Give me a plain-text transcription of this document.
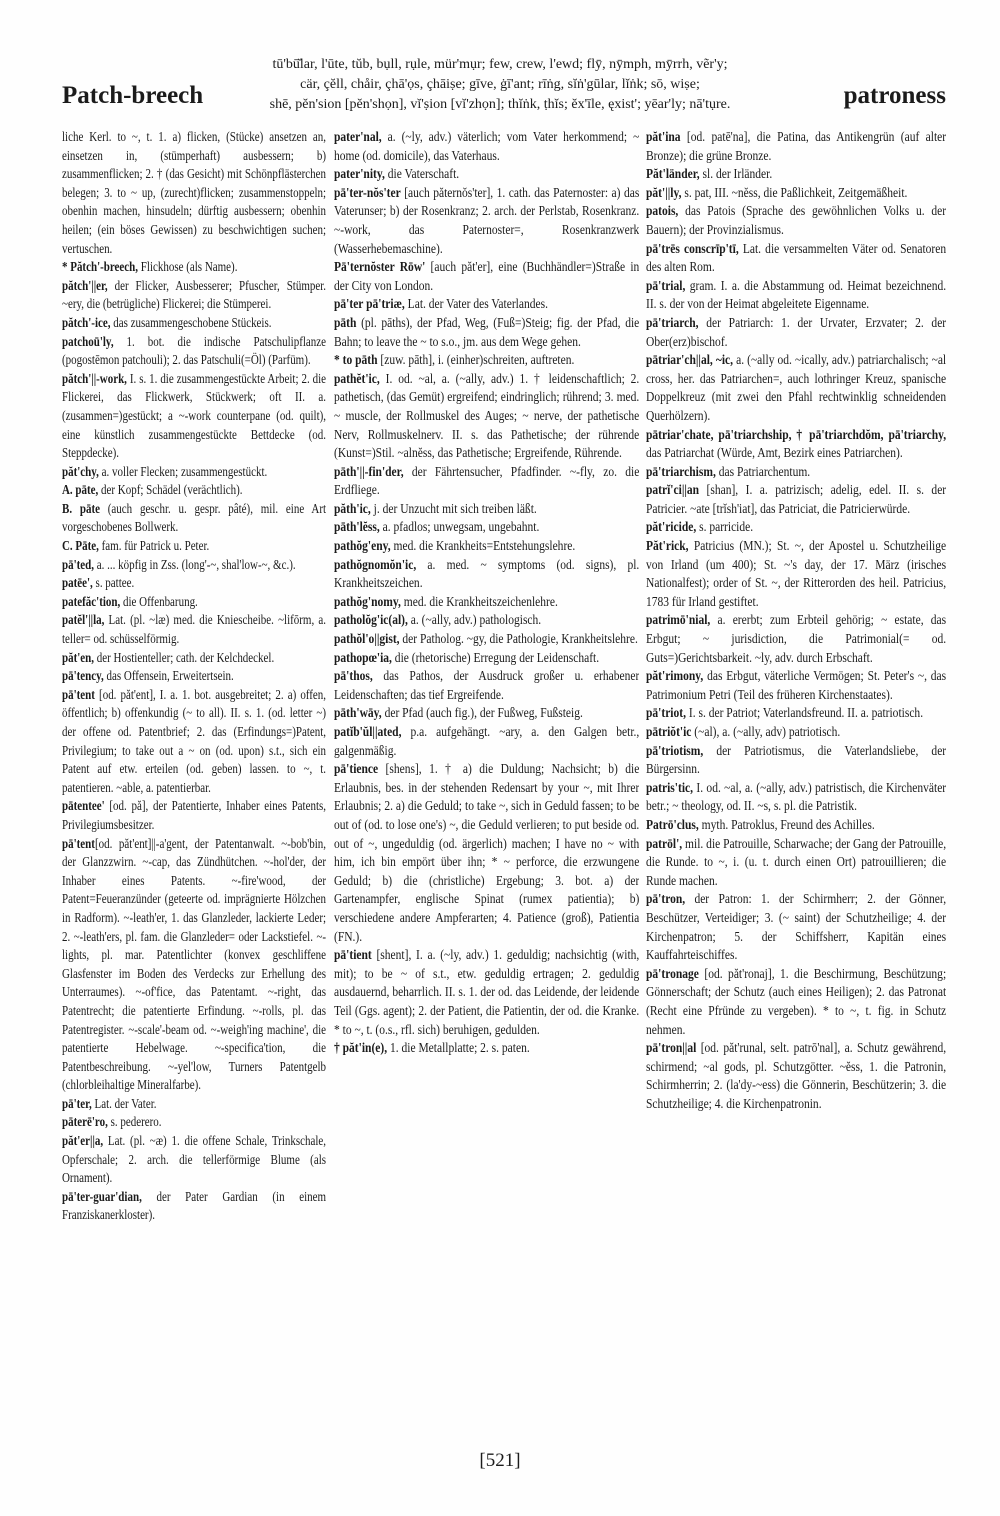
Patch-breech
tū'bū̆lar, l'ūte, tŭb, bụll, rụle, mür'mụr; few, crew, l'ewd; flȳ, nȳmph, mȳrrh, vẽr'y;
cär, çĕll, chåir, çhā'ọs, çhāiṣe; gīve, ġī'ant; rīṅg, sĭṅ'gūlar, lĭṅk; sō, wiṣe;
shē, pĕn'sion [pĕn'shọn], vĭ'ṣion [vĭ'zhọn]; thĭṅk, ṭhĭs; ĕx'īle, ęxist'; yēar'ly; nā'tụre.	patroness

liche Kerl. to ~, t. 1. a) flicken, (Stücke) ansetzen an, einsetzen in, (stümperhaft) ausbessern; b) zusammenflicken; 2. † (das Gesicht) mit Schönpflästerchen belegen; 3. to ~ up, (zurecht)flicken; zusammenstoppeln; obenhin machen, hinsudeln; dürftig ausbessern; obenhin heilen; (ein böses Gewissen) zu beschwichtigen suchen; vertuschen.

* Pătch'-breech, Flickhose (als Name).

pătch'||er, der Flicker, Ausbesserer; Pfuscher, Stümper. ~ery, die (betrügliche) Flickerei; die Stümperei.

pătch'-ice, das zusammengeschobene Stückeis.

patchoū'ly, 1. bot. die indische Patschulipflanze (pogostēmon patchouli); 2. das Patschuli(=Öl) (Parfüm).

pătch'||-work, I. s. 1. die zusammengestückte Arbeit; 2. die Flickerei, das Flickwerk, Stückwerk; oft II. a. (zusammen=)gestückt; a ~-work counterpane (od. quilt), eine künstlich zusammengestückte Bettdecke (od. Steppdecke).

păt'chy, a. voller Flecken; zusammengestückt.

A. pāte, der Kopf; Schädel (verächtlich).

B. pāte (auch geschr. u. gespr. pâté), mil. eine Art vorgeschobenes Bollwerk.

C. Pāte, fam. für Patrick u. Peter.

pā'ted, a. ... köpfig in Zss. (long'-~, shal'low-~, &c.).

patēe', s. pattee.

patefăc'tion, die Offenbarung.

patĕl'||la, Lat. (pl. ~læ) med. die Kniescheibe. ~lifōrm, a. teller= od. schüsselförmig.

păt'en, der Hostienteller; cath. der Kelchdeckel.

pā'tency, das Offensein, Erweitertsein.

pā'tent [od. păt'ent], I. a. 1. bot. ausgebreitet; 2. a) offen, öffentlich; b) offenkundig (~ to all). II. s. 1. (od. letter ~) der offene od. Patentbrief; 2. das (Erfindungs=)Patent, Privilegium; to take out a ~ on (od. upon) s.t., sich ein Patent auf etw. erteilen (od. geben) lassen. to ~, t. patentieren. ~able, a. patentierbar.

pātentee' [od. pă], der Patentierte, Inhaber eines Patents, Privilegiumsbesitzer.

pā'tent[od. păt'ent]||-a'gent, der Patentanwalt. ~-bob'bin, der Glanzzwirn. ~-cap, das Zündhütchen. ~-hol'der, der Inhaber eines Patents. ~-fire'wood, der Patent=Feueranzünder (geteerte od. imprägnierte Hölzchen in Radform). ~-leath'er, 1. das Glanzleder, lackierte Leder; 2. ~-leath'ers, pl. fam. die Glanzleder= oder Lackstiefel. ~-lights, pl. mar. Patentlichter (konvex geschliffene Glasfenster im Boden des Verdecks zur Erhellung des Unterraumes). ~-of'fice, das Patentamt. ~-right, das Patentrecht; die patentierte Erfindung. ~-rolls, pl. das Patentregister. ~-scale'-beam od. ~-weigh'ing machine', die patentierte Hebelwage. ~-specifica'tion, die Patentbeschreibung. ~-yel'low, Turners Patentgelb (chlorbleihaltige Mineralfarbe).

pā'ter, Lat. der Vater.

pāterē'ro, s. pederero.

păt'er||a, Lat. (pl. ~æ) 1. die offene Schale, Trinkschale, Opferschale; 2. arch. die tellerförmige Blume (als Ornament).

pā'ter-guar'dian, der Pater Gardian (in einem Franziskanerkloster).

pater'nal, a. (~ly, adv.) väterlich; vom Vater herkommend; ~ home (od. domicile), das Vaterhaus.

pater'nity, die Vaterschaft.

pā'ter-nŏs'ter [auch păternŏs'ter], 1. cath. das Paternoster: a) das Vaterunser; b) der Rosenkranz; 2. arch. der Perlstab, Rosenkranz. ~-work, das Paternoster=, Rosenkranzwerk (Wasserhebemaschine).

Pā'ternŏster Rōw' [auch păt'er], eine (Buchhändler=)Straße in der City von London.

pā'ter pā'triæ, Lat. der Vater des Vaterlandes.

pāth (pl. pāths), der Pfad, Weg, (Fuß=)Steig; fig. der Pfad, die Bahn; to leave the ~ to s.o., jm. aus dem Wege gehen.

* to pāth [zuw. pāth], i. (einher)schreiten, auftreten.

pathĕt'ic, I. od. ~al, a. (~ally, adv.) 1. † leidenschaftlich; 2. pathetisch, (das Gemüt) ergreifend; eindringlich; rührend; 3. med. ~ muscle, der Rollmuskel des Auges; ~ nerve, der pathetische Nerv, Rollmuskelnerv. II. s. das Pathetische; der rührende (Kunst=)Stil. ~alnĕss, das Pathetische; Ergreifende, Rührende.

pāth'||-fin'der, der Fährtensucher, Pfadfinder. ~-fly, zo. die Erdfliege.

păth'ic, j. der Unzucht mit sich treiben läßt.

pāth'lĕss, a. pfadlos; unwegsam, ungebahnt.

pathŏg'eny, med. die Krankheits=Entstehungslehre.

pathŏgnomŏn'ic, a. med. ~ symptoms (od. signs), pl. Krankheitszeichen.

pathŏg'nomy, med. die Krankheitszeichenlehre.

patholŏg'ic(al), a. (~ally, adv.) pathologisch.

pathŏl'o||gist, der Patholog. ~gy, die Pathologie, Krankheitslehre.

pathopœ'ia, die (rhetorische) Erregung der Leidenschaft.

pā'thos, das Pathos, der Ausdruck großer u. erhabener Leidenschaften; das tief Ergreifende.

pāth'wāy, der Pfad (auch fig.), der Fußweg, Fußsteig.

patĭb'ŭl||ated, p.a. aufgehängt. ~ary, a. den Galgen betr., galgenmäßig.

pā'tience [shens], 1. † a) die Duldung; Nachsicht; b) die Erlaubnis, bes. in der stehenden Redensart by your ~, mit Ihrer Erlaubnis; 2. a) die Geduld; to take ~, sich in Geduld fassen; to be out of (od. to lose one's) ~, die Geduld verlieren; to put beside od. out of ~, ungeduldig (od. ärgerlich) machen; I have no ~ with him, ich bin empört über ihn; * ~ perforce, die erzwungene Geduld; b) die (christliche) Ergebung; 3. bot. a) der Gartenampfer, englische Spinat (rumex patientia); b) verschiedene andere Ampferarten; 4. Patience (groß), Patientia (FN.).

pā'tient [shent], I. a. (~ly, adv.) 1. geduldig; nachsichtig (with, mit); to be ~ of s.t., etw. geduldig ertragen; 2. geduldig ausdauernd, beharrlich. II. s. 1. der od. das Leidende, der leidende Teil (Ggs. agent); 2. der Patient, die Patientin, der od. die Kranke. * to ~, t. (o.s., rfl. sich) beruhigen, gedulden.

† păt'in(e), 1. die Metallplatte; 2. s. paten.

păt'ina [od. patē'na], die Patina, das Antikengrün (auf alter Bronze); die grüne Bronze.

Păt'länder, sl. der Irländer.

păt'||ly, s. pat, III. ~nĕss, die Paßlichkeit, Zeitgemäßheit.

patois, das Patois (Sprache des gewöhnlichen Volks u. der Bauern); der Provinzialismus.

pā'trēs conscrīp'tī, Lat. die versammelten Väter od. Senatoren des alten Rom.

pā'trial, gram. I. a. die Abstammung od. Heimat bezeichnend. II. s. der von der Heimat abgeleitete Eigenname.

pā'triarch, der Patriarch: 1. der Urvater, Erzvater; 2. der Ober(erz)bischof.

pātriar'ch||al, ~ic, a. (~ally od. ~ically, adv.) patriarchalisch; ~al cross, her. das Patriarchen=, auch lothringer Kreuz, spanische Doppelkreuz (mit zwei den Pfahl rechtwinklig schneidenden Querhölzern).

pātriar'chate, pā'triarchship, † pā'triarchdŏm, pā'triarchy, das Patriarchat (Würde, Amt, Bezirk eines Patriarchen).

pā'triarchism, das Patriarchentum.

patrĭ'ci||an [shan], I. a. patrizisch; adelig, edel. II. s. der Patricier. ~ate [trĭsh'iat], das Patriciat, die Patricierwürde.

păt'ricide, s. parricide.

Păt'rick, Patricius (MN.); St. ~, der Apostel u. Schutzheilige von Irland (um 400); St. ~'s day, der 17. März (irisches Nationalfest); order of St. ~, der Ritterorden des heil. Patricius, 1783 für Irland gestiftet.

patrimō'nial, a. ererbt; zum Erbteil gehörig; ~ estate, das Erbgut; ~ jurisdiction, die Patrimonial(= od. Guts=)Gerichtsbarkeit. ~ly, adv. durch Erbschaft.

păt'rimony, das Erbgut, väterliche Vermögen; St. Peter's ~, das Patrimonium Petri (Teil des früheren Kirchenstaates).

pā'triot, I. s. der Patriot; Vaterlandsfreund. II. a. patriotisch.

pātriŏt'ic (~al), a. (~ally, adv) patriotisch.

pā'triotism, der Patriotismus, die Vaterlandsliebe, der Bürgersinn.

patris'tic, I. od. ~al, a. (~ally, adv.) patristisch, die Kirchenväter betr.; ~ theology, od. II. ~s, s. pl. die Patristik.

Patrō'clus, myth. Patroklus, Freund des Achilles.

patrōl', mil. die Patrouille, Scharwache; der Gang der Patrouille, die Runde. to ~, i. (u. t. durch einen Ort) patrouillieren; die Runde machen.

pā'tron, der Patron: 1. der Schirmherr; 2. der Gönner, Beschützer, Verteidiger; 3. (~ saint) der Schutzheilige; 4. der Kirchenpatron; 5. der Schiffsherr, Kapitän eines Kauffahrteischiffes.

pā'tronage [od. păt'ronaj], 1. die Beschirmung, Beschützung; Gönnerschaft; der Schutz (auch eines Heiligen); 2. das Patronat (Recht eine Pfründe zu vergeben). * to ~, t. fig. in Schutz nehmen.

pā'tron||al [od. păt'runal, selt. patrō'nal], a. Schutz gewährend, schirmend; ~al gods, pl. Schutzgötter. ~ĕss, 1. die Patronin, Schirmherrin; 2. (la'dy-~ess) die Gönnerin, Beschützerin; 3. die Schutzheilige; 4. die Kirchenpatronin.

[521]
